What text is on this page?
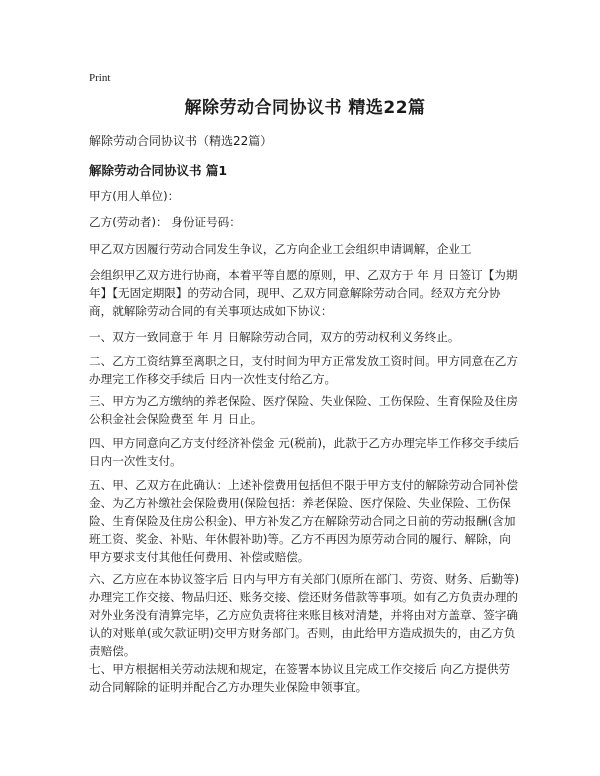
Print
解除劳动合同协议书 精选22篇
解除劳动合同协议书（精选22篇）
解除劳动合同协议书 篇1
甲方(用人单位)：
乙方(劳动者)： 身份证号码：
甲乙双方因履行劳动合同发生争议，乙方向企业工会组织申请调解，企业工
会组织甲乙双方进行协商，本着平等自愿的原则，甲、乙双方于 年 月 日签订【为期 年】【无固定期限】的劳动合同，现甲、乙双方同意解除劳动合同。经双方充分协商，就解除劳动合同的有关事项达成如下协议：
一、双方一致同意于 年 月 日解除劳动合同，双方的劳动权利义务终止。
二、乙方工资结算至离职之日，支付时间为甲方正常发放工资时间。甲方同意在乙方办理完工作移交手续后 日内一次性支付给乙方。
三、甲方为乙方缴纳的养老保险、医疗保险、失业保险、工伤保险、生育保险及住房公积金社会保险费至 年 月 日止。
四、甲方同意向乙方支付经济补偿金 元(税前)，此款于乙方办理完毕工作移交手续后 日内一次性支付。
五、甲、乙双方在此确认：上述补偿费用包括但不限于甲方支付的解除劳动合同补偿金、为乙方补缴社会保险费用(保险包括：养老保险、医疗保险、失业保险、工伤保险、生育保险及住房公积金)、甲方补发乙方在解除劳动合同之日前的劳动报酬(含加班工资、奖金、补贴、年休假补助)等。乙方不再因为原劳动合同的履行、解除，向甲方要求支付其他任何费用、补偿或赔偿。
六、乙方应在本协议签字后 日内与甲方有关部门(原所在部门、劳资、财务、后勤等)办理完工作交接、物品归还、账务交接、偿还财务借款等事项。如有乙方负责办理的对外业务没有清算完毕，乙方应负责将往来账目核对清楚，并将由对方盖章、签字确认的对账单(或欠款证明)交甲方财务部门。否则，由此给甲方造成损失的，由乙方负责赔偿。
七、甲方根据相关劳动法规和规定，在签署本协议且完成工作交接后 向乙方提供劳动合同解除的证明并配合乙方办理失业保险申领事宜。
